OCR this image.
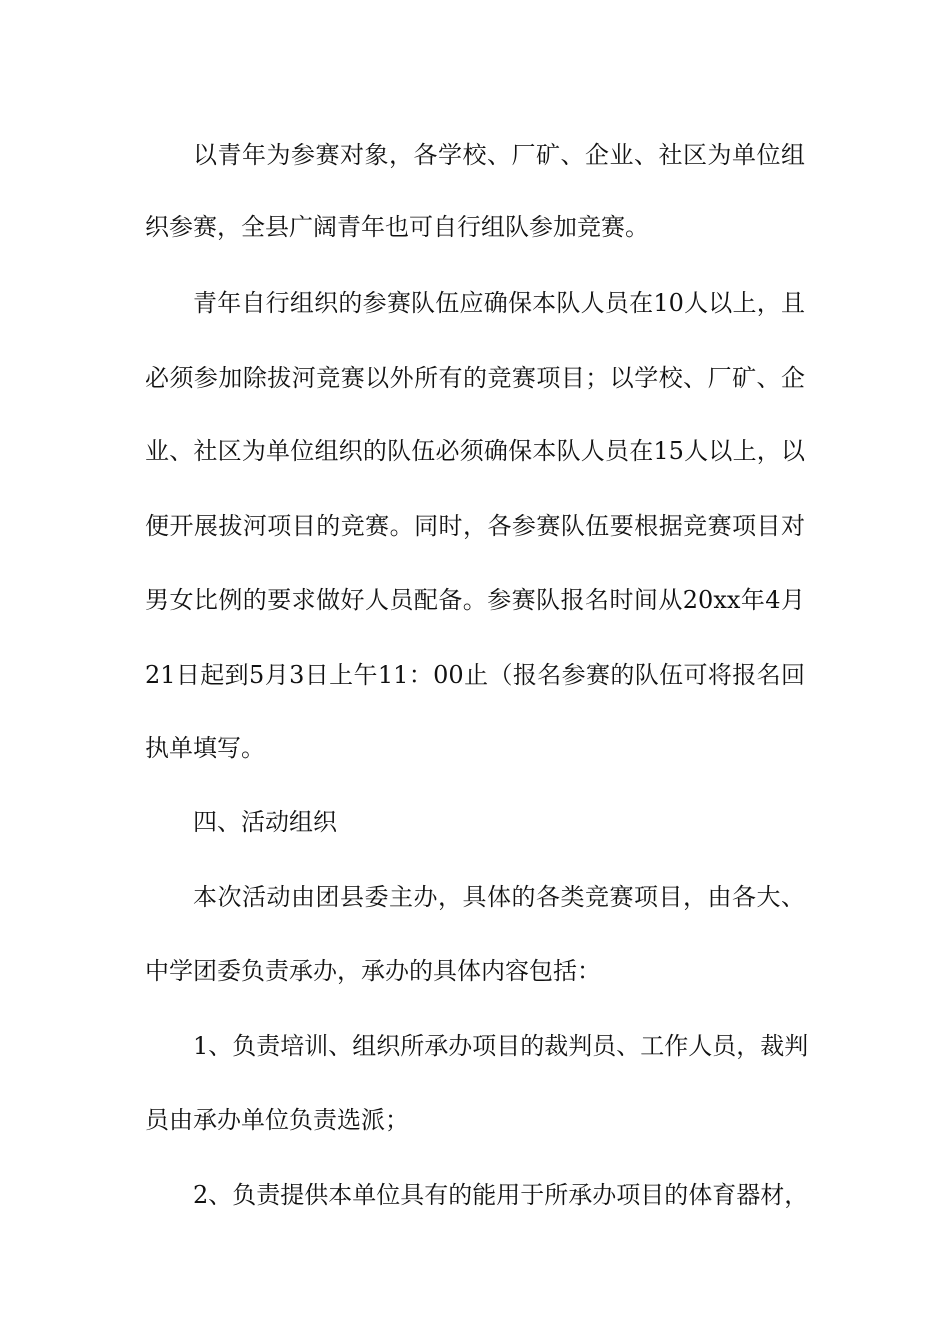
以青年为参赛对象，各学校、厂矿、企业、社区为单位组
织参赛，全县广阔青年也可自行组队参加竞赛。
青年自行组织的参赛队伍应确保本队人员在10人以上，且
必须参加除拔河竞赛以外所有的竞赛项目；以学校、厂矿、企
业、社区为单位组织的队伍必须确保本队人员在15人以上，以
便开展拔河项目的竞赛。同时，各参赛队伍要根据竞赛项目对
男女比例的要求做好人员配备。参赛队报名时间从20xx年4月
21日起到5月3日上午11：00止（报名参赛的队伍可将报名回
执单填写。
四、活动组织
本次活动由团县委主办，具体的各类竞赛项目，由各大、
中学团委负责承办，承办的具体内容包括：
1、负责培训、组织所承办项目的裁判员、工作人员，裁判
员由承办单位负责选派；
2、负责提供本单位具有的能用于所承办项目的体育器材，
